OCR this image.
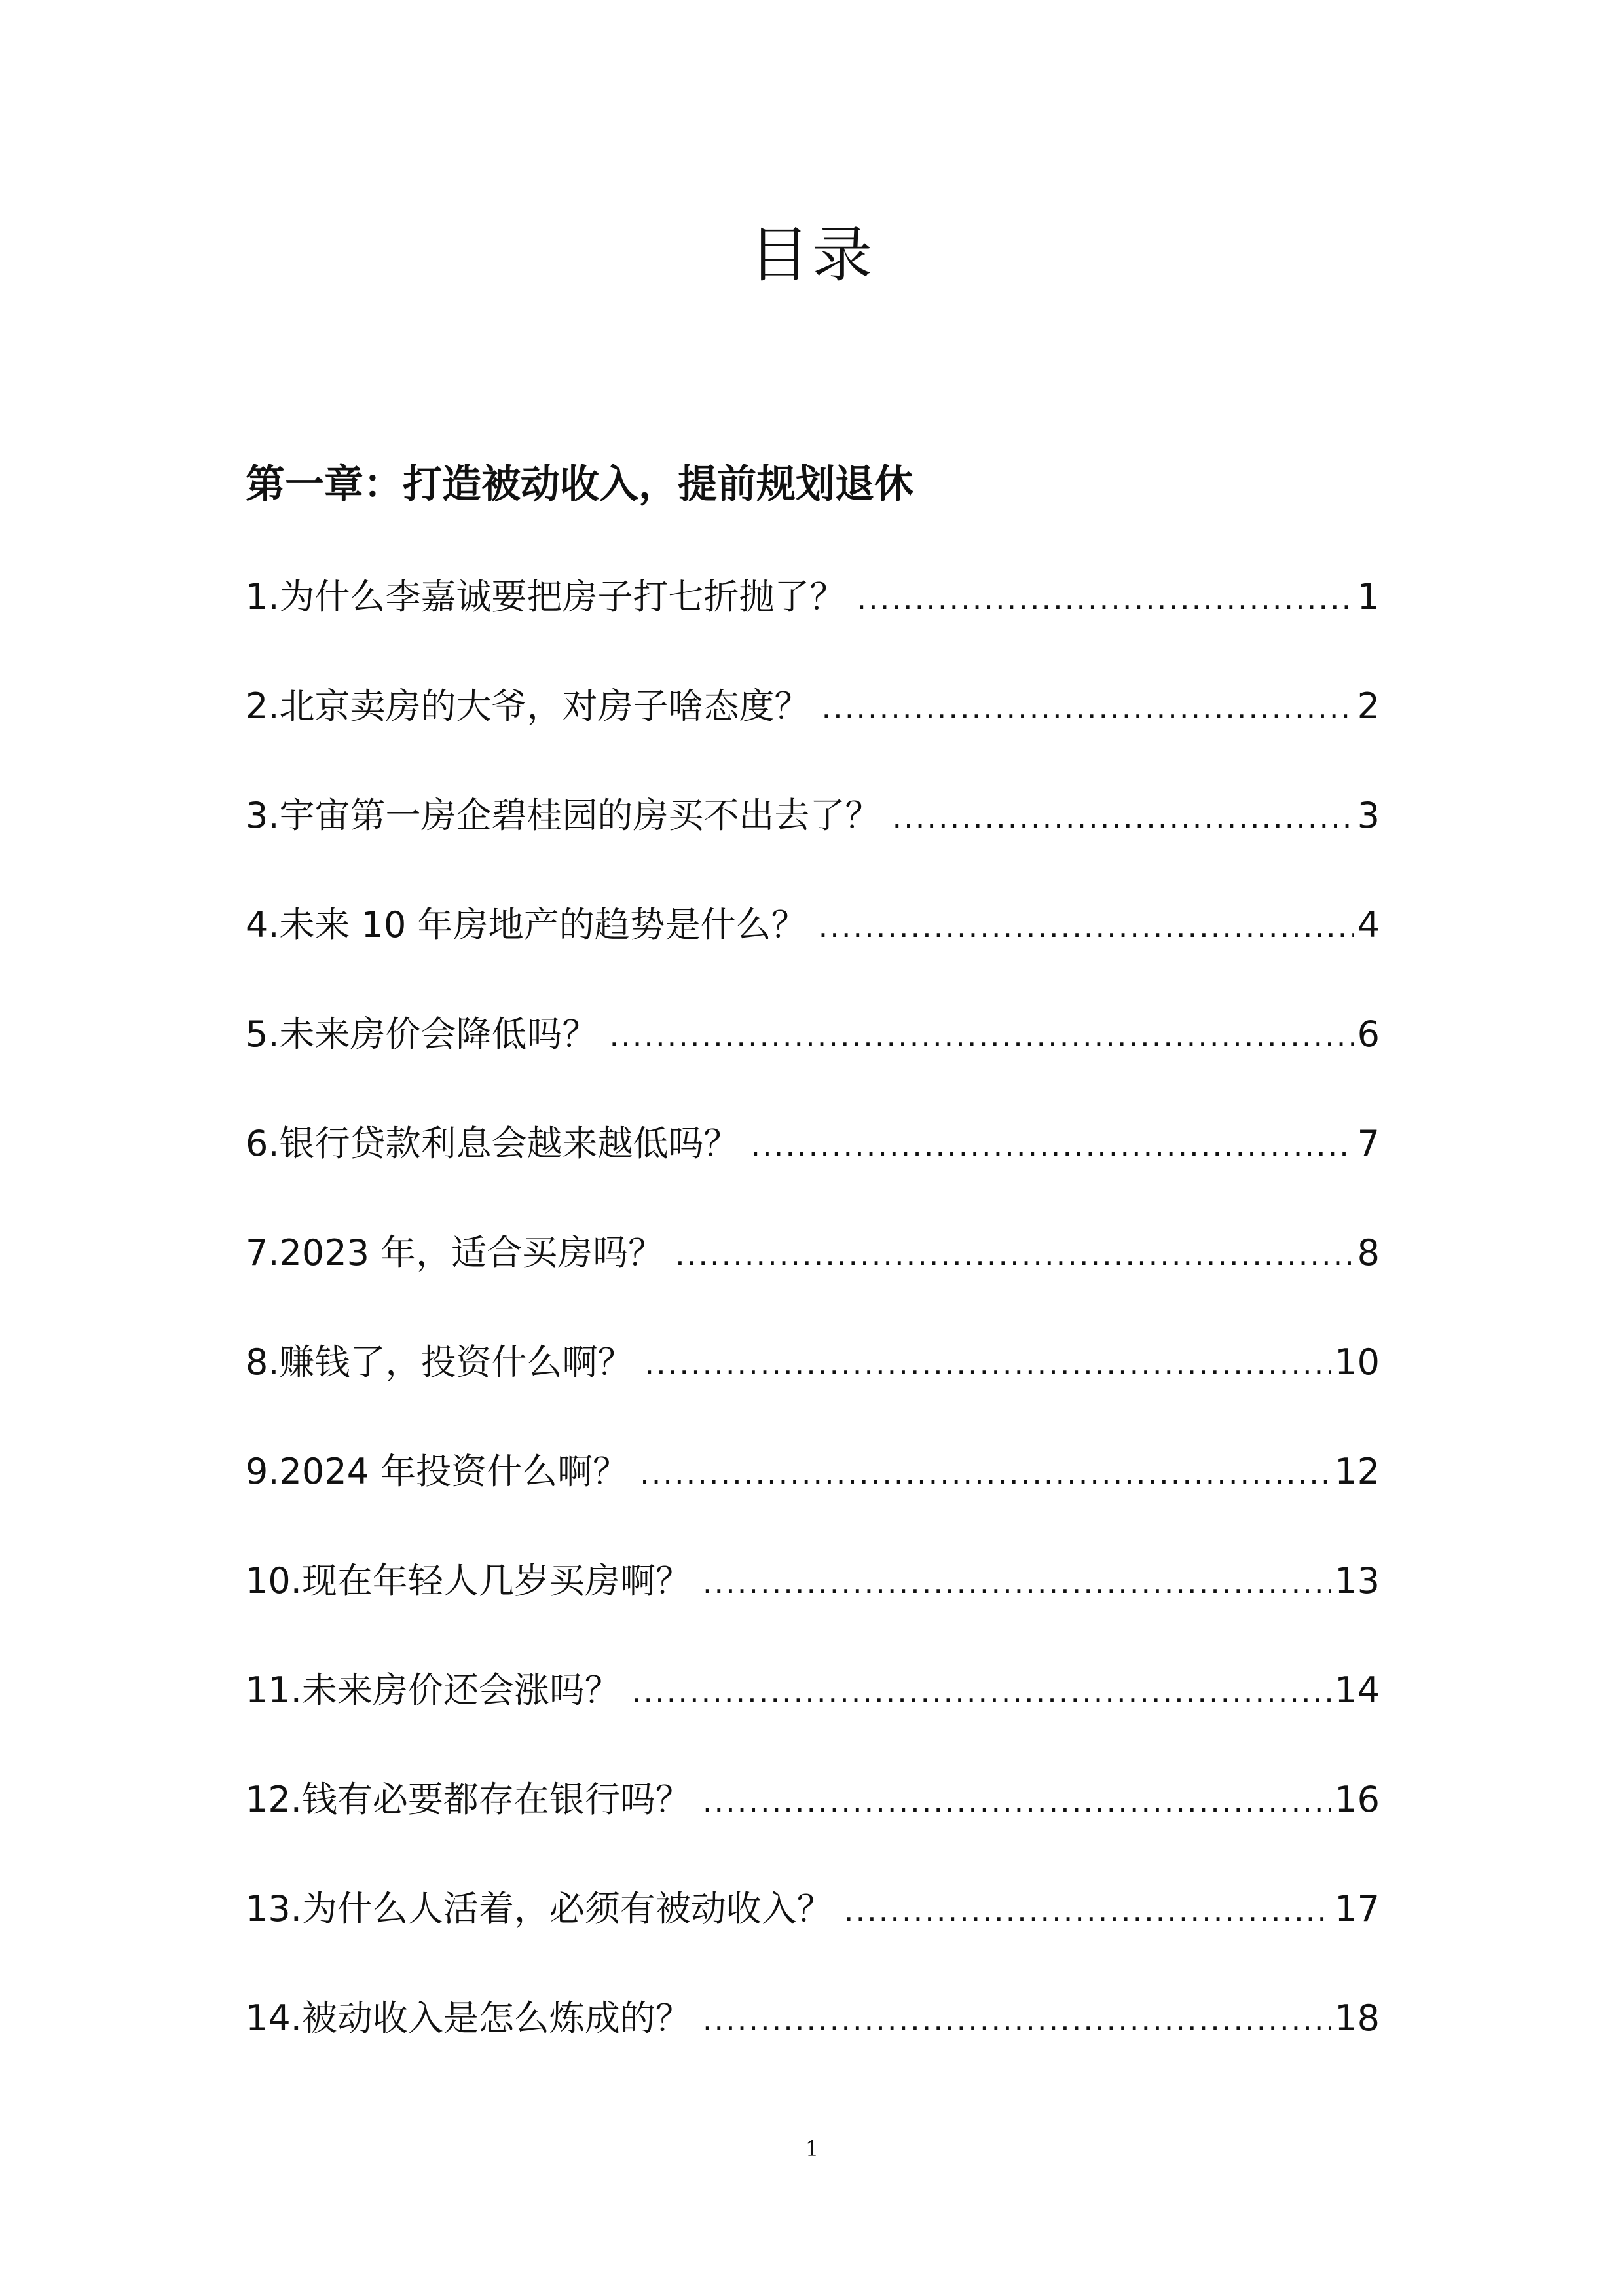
目录
第一章：打造被动收入，提前规划退休
1.为什么李嘉诚要把房子打七折抛了？ .....	1
2.北京卖房的大爷，对房子啥态度？ .....	2
3.宇宙第一房企碧桂园的房买不出去了？ .....	3
4.未来 10 年房地产的趋势是什么？ .....	4
5.未来房价会降低吗？ .....	6
6.银行贷款利息会越来越低吗？ .....	7
7.2023 年，适合买房吗？ .....	8
8.赚钱了，投资什么啊？ .....	10
9.2024 年投资什么啊？ .....	12
10.现在年轻人几岁买房啊？ .....	13
11.未来房价还会涨吗？ .....	14
12.钱有必要都存在银行吗？ .....	16
13.为什么人活着，必须有被动收入？ .....	17
14.被动收入是怎么炼成的？ .....	18
1
